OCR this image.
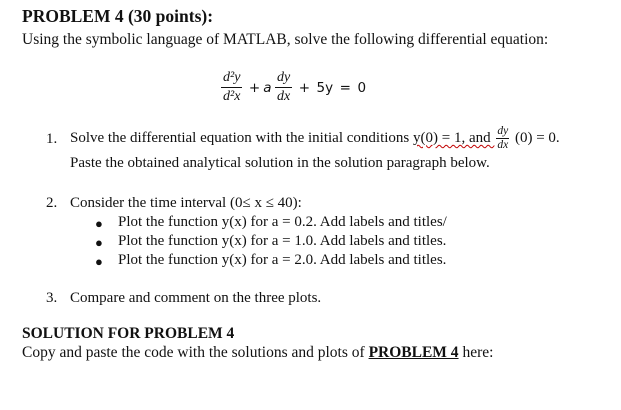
PROBLEM 4 (30 points):
Using the symbolic language of MATLAB, solve the following differential equation:
$\frac{\text{d²y}}{\text{d²x}} + a \frac{dy}{dx} + 5y = 0$
1. Solve the differential equation with the initial conditions y(0) = 1, and $\frac{dy}{dx} (0) = 0$.
Paste the obtained analytical solution in the solution paragraph below.
2. Consider the time interval (0≤ x ≤ 40):
● Plot the function y(x) for a = 0.2. Add labels and titles/
● Plot the function y(x) for a = 1.0. Add labels and titles.
● Plot the function y(x) for a = 2.0. Add labels and titles.
3. Compare and comment on the three plots.
SOLUTION FOR PROBLEM 4
Copy and paste the code with the solutions and plots of PROBLEM 4 here:
